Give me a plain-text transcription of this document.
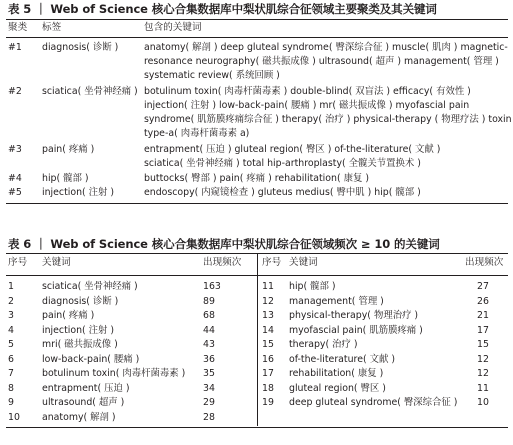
表 5 ｜ Web of Science 核心合集数据库中梨状肌综合征领域主要聚类及其关键词
聚类 标签	包含的关键词
#1 diagnosis( 诊断 )	anatomy( 解剖 ) deep gluteal syndrome( 臀深综合征 ) muscle( 肌肉 ) magnetic-
resonance neurography( 磁共振成像 ) ultrasound( 超声 ) management( 管理 )
systematic review( 系统回顾 )
#2 sciatica( 坐骨神经痛 ) botulinum toxin( 肉毒杆菌毒素 ) double-blind( 双盲法 ) efficacy( 有效性 )
injection( 注射 ) low-back-pain( 腰痛 ) mr( 磁共振成像 ) myofascial pain
syndrome( 肌筋膜疼痛综合征 ) therapy( 治疗 ) physical-therapy ( 物理疗法 ) toxin
type-a( 肉毒杆菌毒素 a)
#3 pain( 疼痛 )	entrapment( 压迫 ) gluteal region( 臀区 ) of-the-literature( 文献 )
sciatica( 坐骨神经痛 ) total hip-arthroplasty( 全髋关节置换术 )
#4 hip( 髋部 )	buttocks( 臀部 ) pain( 疼痛 ) rehabilitation( 康复 )
#5 injection( 注射 )	endoscopy( 内窥镜检查 ) gluteus medius( 臀中肌 ) hip( 髋部 )
表 6 ｜ Web of Science 核心合集数据库中梨状肌综合征领域频次 ≥ 10 的关键词
序号 关键词	出现频次 序号 关键词	出现频次
1	sciatica( 坐骨神经痛 )	163
2	diagnosis( 诊断 )	89
3	pain( 疼痛 )	68
4	injection( 注射 )	44
5	mri( 磁共振成像 )	43
6	low-back-pain( 腰痛 )	36
7	botulinum toxin( 肉毒杆菌毒素 ) 35
8	entrapment( 压迫 )	34
9	ultrasound( 超声 )	29
10 anatomy( 解剖 )	28
11 hip( 髋部 )	27
12 management( 管理 )	26
13 physical-therapy( 物理治疗 )	21
14 myofascial pain( 肌筋膜疼痛 )	17
15 therapy( 治疗 )	15
16 of-the-literature( 文献 )	12
17 rehabilitation( 康复 )	12
18 gluteal region( 臀区 )	11
19 deep gluteal syndrome( 臀深综合征 ) 10
